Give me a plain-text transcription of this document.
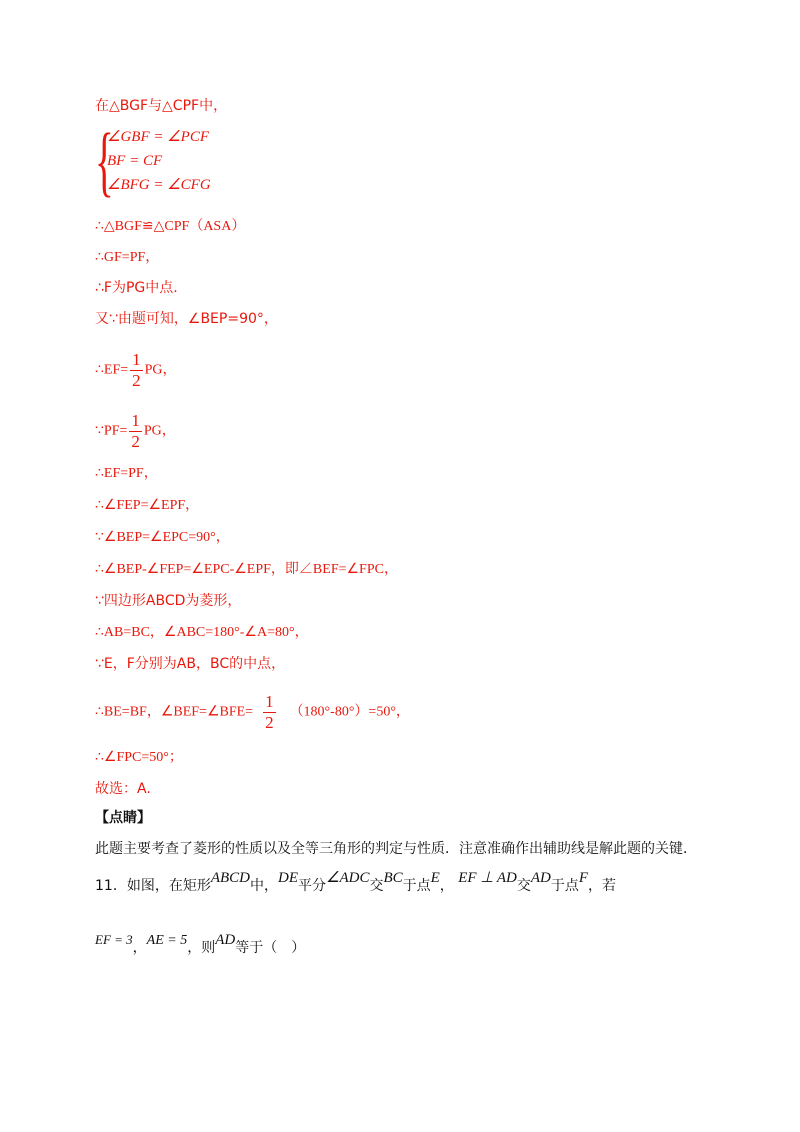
在△BGF与△CPF中，
{
∠GBF = ∠PCF
BF = CF
∠BFG = ∠CFG
∴△BGF≌△CPF（ASA）
∴GF=PF，
∴F为PG中点.
又∵由题可知，∠BEP=90°，
∴EF= $\frac{1}{2}$ PG，
∵PF= $\frac{1}{2}$ PG，
∴EF=PF，
∴∠FEP=∠EPF，
∵∠BEP=∠EPC=90°，
∴∠BEP-∠FEP=∠EPC-∠EPF，即∠BEF=∠FPC，
∵四边形ABCD为菱形，
∴AB=BC，∠ABC=180°-∠A=80°，
∵E，F分别为AB，BC的中点，
∴BE=BF，∠BEF=∠BFE= $\frac{1}{2} (180^\circ-80^\circ)=50^\circ$，
∴∠FPC=50°；
故选：A.
【点睛】
此题主要考查了菱形的性质以及全等三角形的判定与性质．注意准确作出辅助线是解此题的关键．
11．如图，在矩形ABCD中，DE平分∠ADC交BC于点E， EF ⊥ AD交AD于点F，若
EF = 3，AE = 5，则AD等于（　）
